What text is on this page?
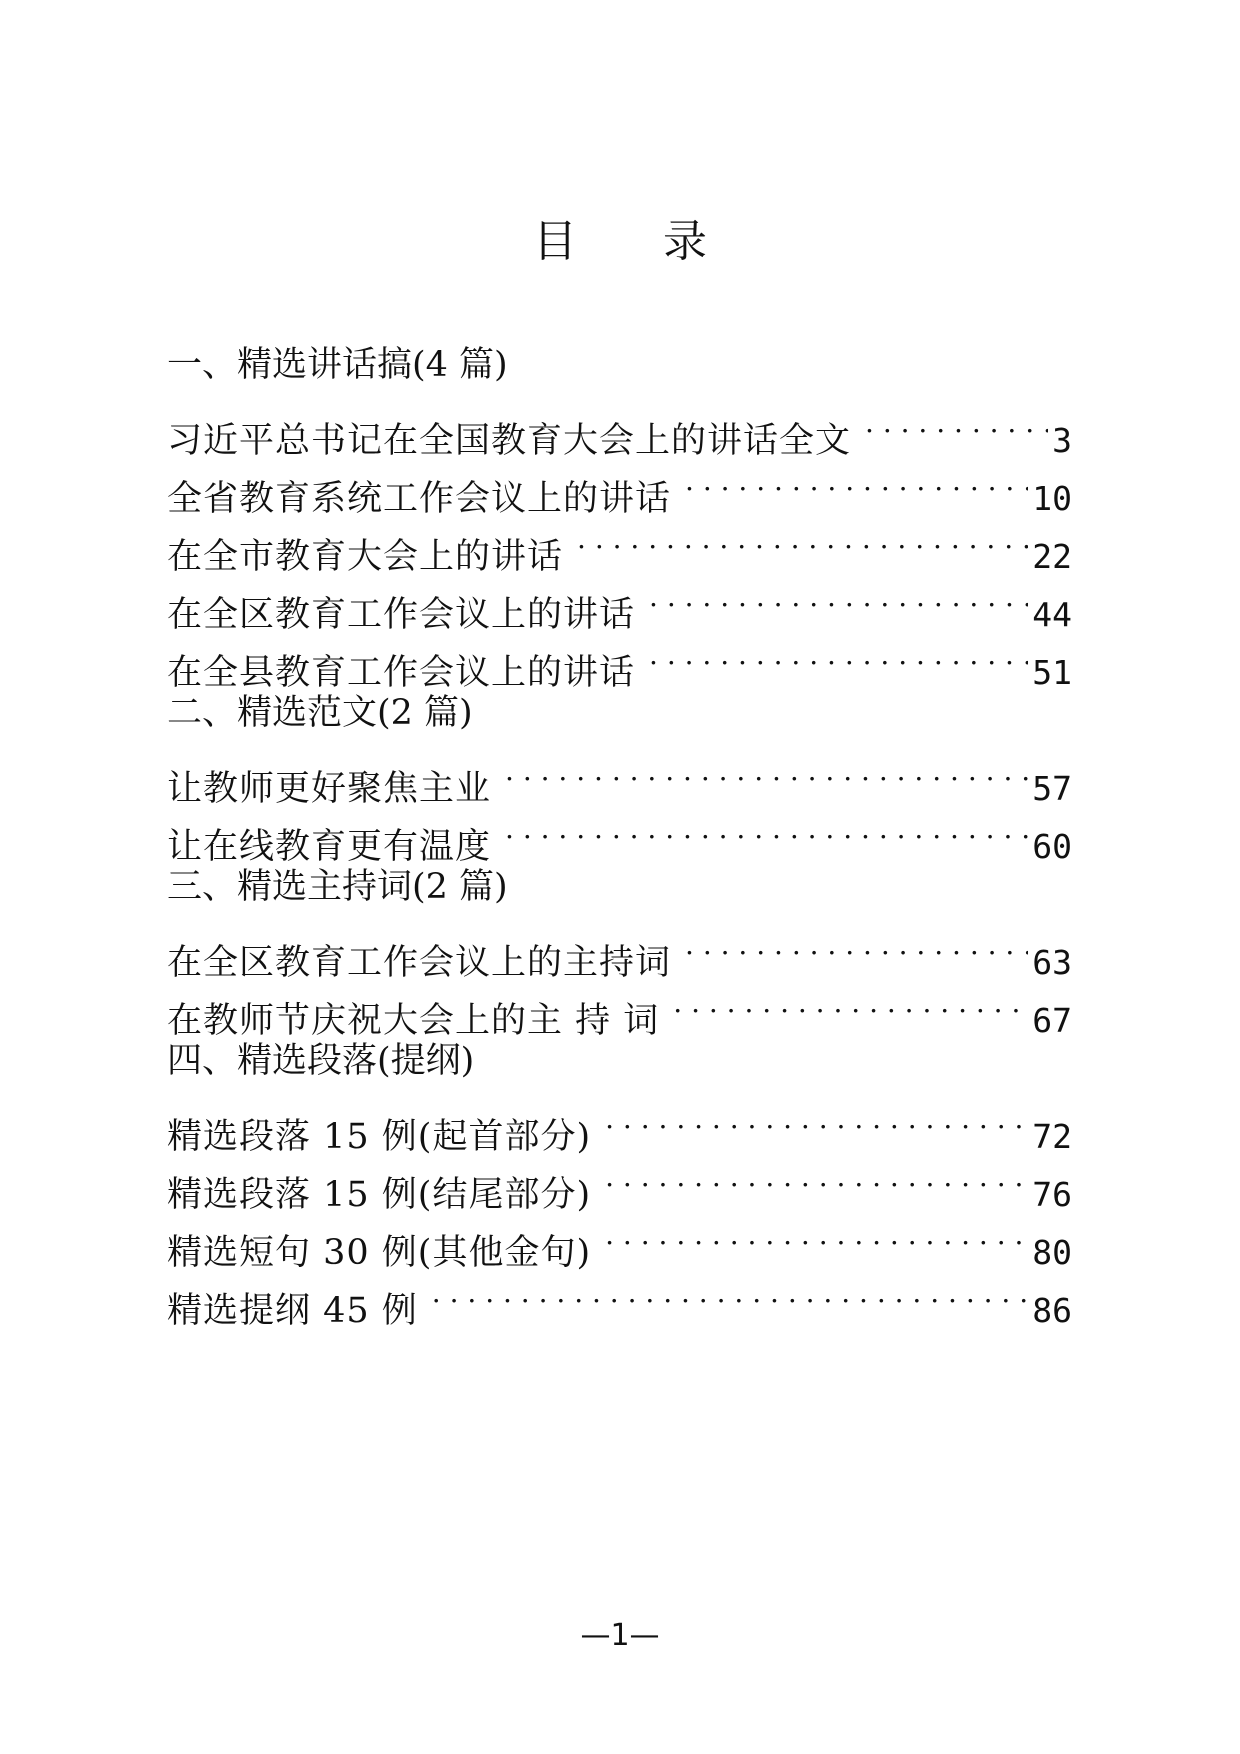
目 录
一、精选讲话搞(4 篇)
习近平总书记在全国教育大会上的讲话全文 . . .	3
全省教育系统工作会议上的讲话 . . .	10
在全市教育大会上的讲话 . . .	22
在全区教育工作会议上的讲话 . . .	44
在全县教育工作会议上的讲话 . . .	51
二、精选范文(2 篇)
让教师更好聚焦主业 . . .	57
让在线教育更有温度 . . .	60
三、精选主持词(2 篇)
在全区教育工作会议上的主持词 . . .	63
在教师节庆祝大会上的主 持 词 . . .	67
四、精选段落(提纲)
精选段落 15 例(起首部分) . . .	72
精选段落 15 例(结尾部分) . . .	76
精选短句 30 例(其他金句) . . .	80
精选提纲 45 例 . . .	86
—1—
